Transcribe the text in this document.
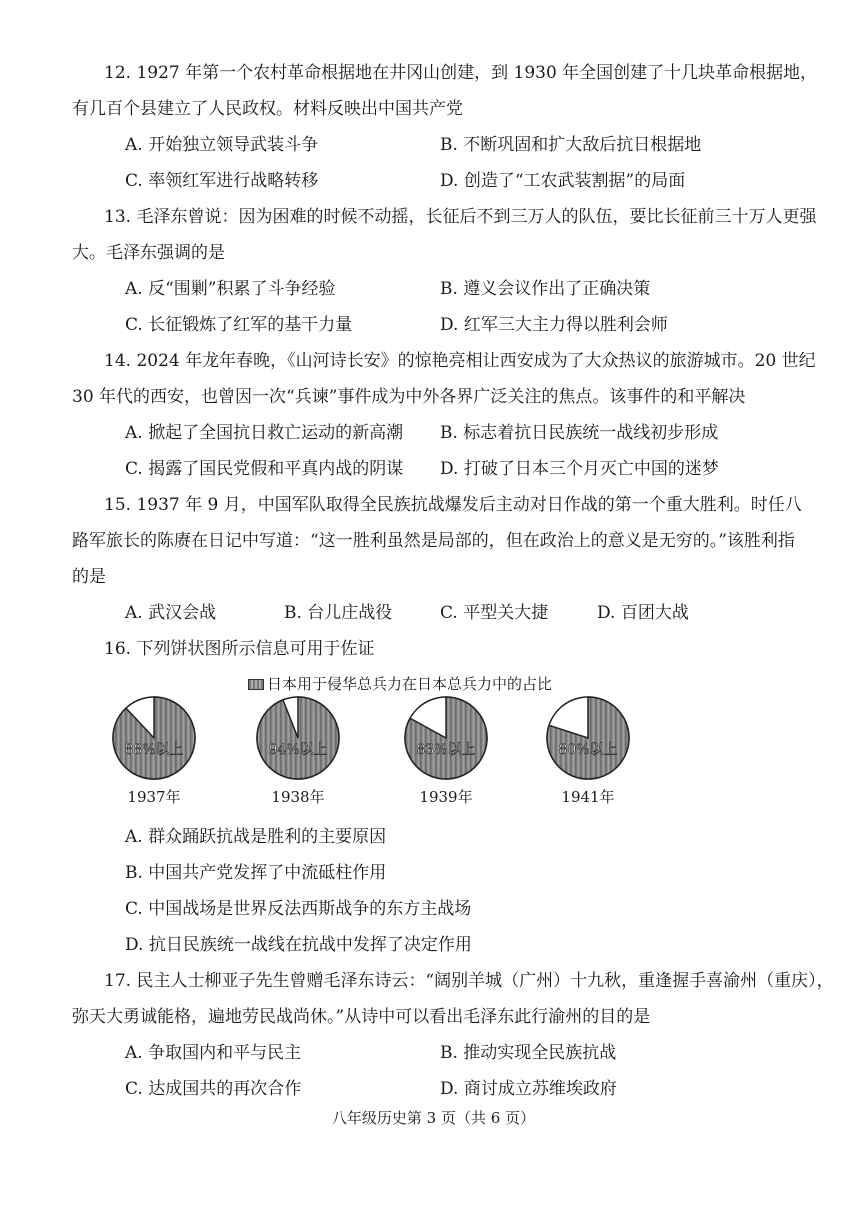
12. 1927 年第一个农村革命根据地在井冈山创建，到 1930 年全国创建了十几块革命根据地，
有几百个县建立了人民政权。材料反映出中国共产党
A. 开始独立领导武装斗争	B. 不断巩固和扩大敌后抗日根据地
C. 率领红军进行战略转移	D. 创造了“工农武装割据”的局面
13. 毛泽东曾说：因为困难的时候不动摇，长征后不到三万人的队伍，要比长征前三十万人更强
大。毛泽东强调的是
A. 反“围剿”积累了斗争经验	B. 遵义会议作出了正确决策
C. 长征锻炼了红军的基干力量	D. 红军三大主力得以胜利会师
14. 2024 年龙年春晚，《山河诗长安》的惊艳亮相让西安成为了大众热议的旅游城市。20 世纪
30 年代的西安，也曾因一次“兵谏”事件成为中外各界广泛关注的焦点。该事件的和平解决
A. 掀起了全国抗日救亡运动的新高潮 B. 标志着抗日民族统一战线初步形成
C. 揭露了国民党假和平真内战的阴谋 D. 打破了日本三个月灭亡中国的迷梦
15. 1937 年 9 月，中国军队取得全民族抗战爆发后主动对日作战的第一个重大胜利。时任八
路军旅长的陈赓在日记中写道：“这一胜利虽然是局部的，但在政治上的意义是无穷的。”该胜利指
的是
A. 武汉会战	B. 台儿庄战役	C. 平型关大捷	D. 百团大战
16. 下列饼状图所示信息可用于佐证
日本用于侵华总兵力在日本总兵力中的占比
88%以上
1937年
94%以上
1938年
83%以上
1939年
80%以上
1941年
A. 群众踊跃抗战是胜利的主要原因
B. 中国共产党发挥了中流砥柱作用
C. 中国战场是世界反法西斯战争的东方主战场
D. 抗日民族统一战线在抗战中发挥了决定作用
17. 民主人士柳亚子先生曾赠毛泽东诗云：“阔别羊城（广州）十九秋，重逢握手喜渝州（重庆），
弥天大勇诚能格，遍地劳民战尚休。”从诗中可以看出毛泽东此行渝州的目的是
A. 争取国内和平与民主	B. 推动实现全民族抗战
C. 达成国共的再次合作	D. 商讨成立苏维埃政府
八年级历史第 3 页（共 6 页）
